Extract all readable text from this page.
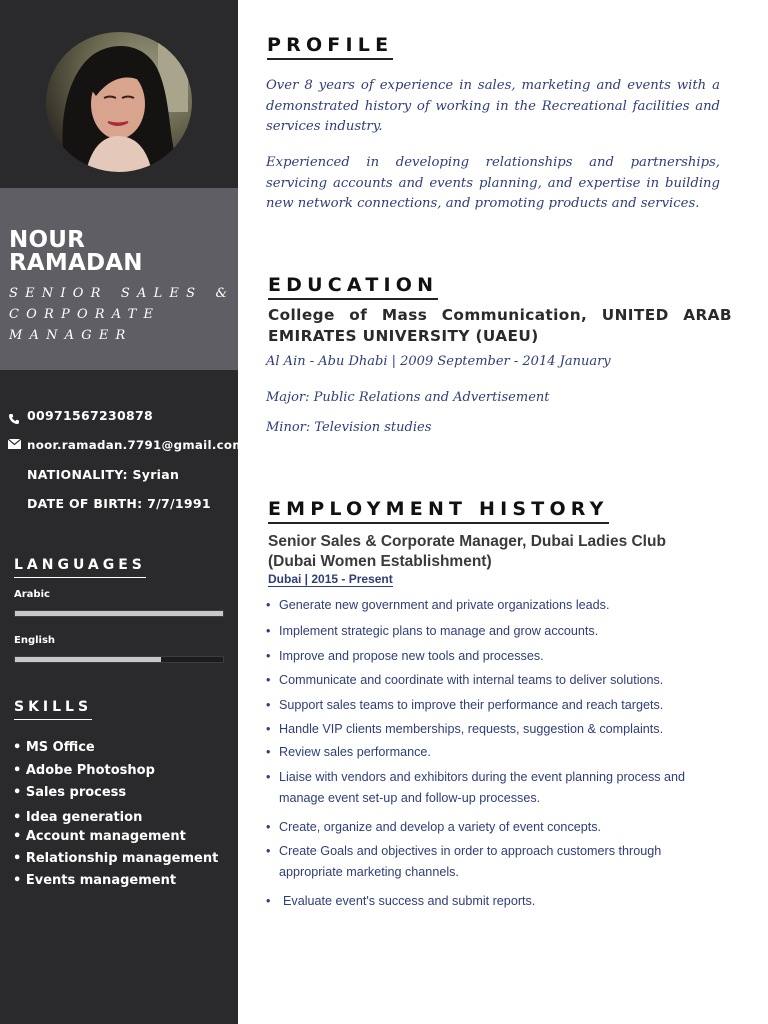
NOUR
RAMADAN
SENIOR SALES & CORPORATE MANAGER
00971567230878
noor.ramadan.7791@gmail.com
NATIONALITY: Syrian
DATE OF BIRTH: 7/7/1991
LANGUAGES
Arabic
English
SKILLS
• MS Office
• Adobe Photoshop
• Sales process
• Idea generation
• Account management
• Relationship management
• Events management
PROFILE
Over 8 years of experience in sales, marketing and events with a demonstrated history of working in the Recreational facilities and services industry.
Experienced in developing relationships and partnerships, servicing accounts and events planning, and expertise in building new network connections, and promoting products and services.
EDUCATION
College of Mass Communication, UNITED ARAB EMIRATES UNIVERSITY (UAEU)
Al Ain - Abu Dhabi | 2009 September - 2014 January
Major: Public Relations and Advertisement
Minor: Television studies
EMPLOYMENT HISTORY
Senior Sales & Corporate Manager, Dubai Ladies Club (Dubai Women Establishment)
Dubai | 2015 - Present
• Generate new government and private organizations leads.
• Implement strategic plans to manage and grow accounts.
• Improve and propose new tools and processes.
• Communicate and coordinate with internal teams to deliver solutions.
• Support sales teams to improve their performance and reach targets.
• Handle VIP clients memberships, requests, suggestion & complaints.
• Review sales performance.
• Liaise with vendors and exhibitors during the event planning process and manage event set-up and follow-up processes.
• Create, organize and develop a variety of event concepts.
• Create Goals and objectives in order to approach customers through appropriate marketing channels.
• Evaluate event's success and submit reports.
